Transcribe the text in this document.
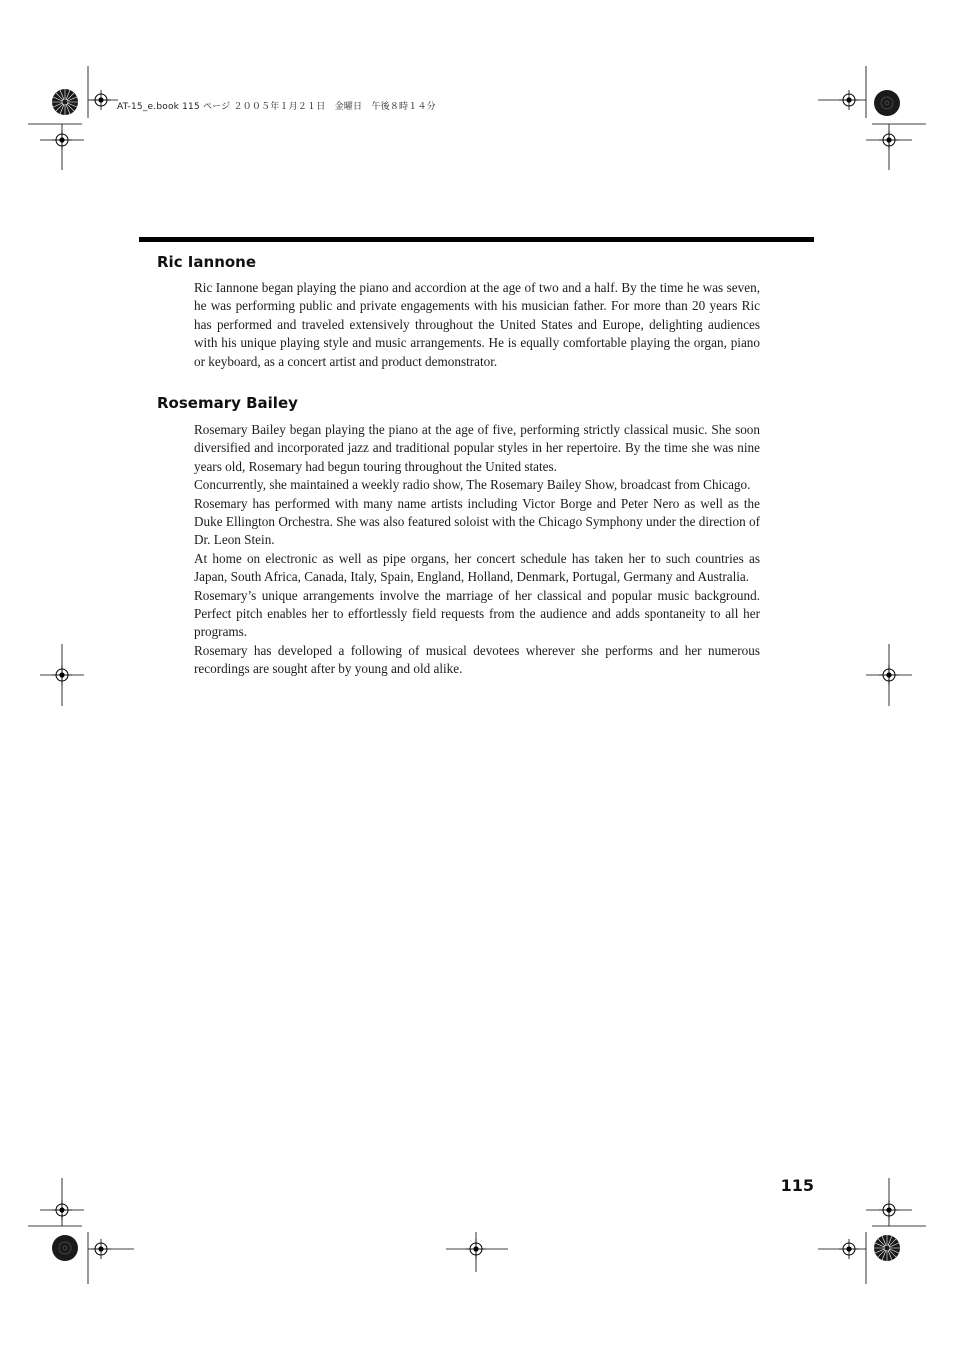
AT-15_e.book 115 ページ ２００５年１月２１日　金曜日　午後８時１４分
Ric Iannone

Ric Iannone began playing the piano and accordion at the age of two and a half. By the time he was seven, he was performing public and private engagements with his musician father. For more than 20 years Ric has performed and traveled extensively throughout the United States and Europe, delighting audiences with his unique playing style and music arrangements. He is equally comfortable playing the organ, piano or keyboard, as a concert artist and product demonstrator.

Rosemary Bailey

Rosemary Bailey began playing the piano at the age of five, performing strictly classical music. She soon diversified and incorporated jazz and traditional popular styles in her repertoire. By the time she was nine years old, Rosemary had begun touring throughout the United states.

Concurrently, she maintained a weekly radio show, The Rosemary Bailey Show, broadcast from Chicago.

Rosemary has performed with many name artists including Victor Borge and Peter Nero as well as the Duke Ellington Orchestra. She was also featured soloist with the Chicago Symphony under the direction of Dr. Leon Stein.

At home on electronic as well as pipe organs, her concert schedule has taken her to such countries as Japan, South Africa, Canada, Italy, Spain, England, Holland, Denmark, Portugal, Germany and Australia.

Rosemary’s unique arrangements involve the marriage of her classical and popular music background. Perfect pitch enables her to effortlessly field requests from the audience and adds spontaneity to all her programs.

Rosemary has developed a following of musical devotees wherever she performs and her numerous recordings are sought after by young and old alike.

115
